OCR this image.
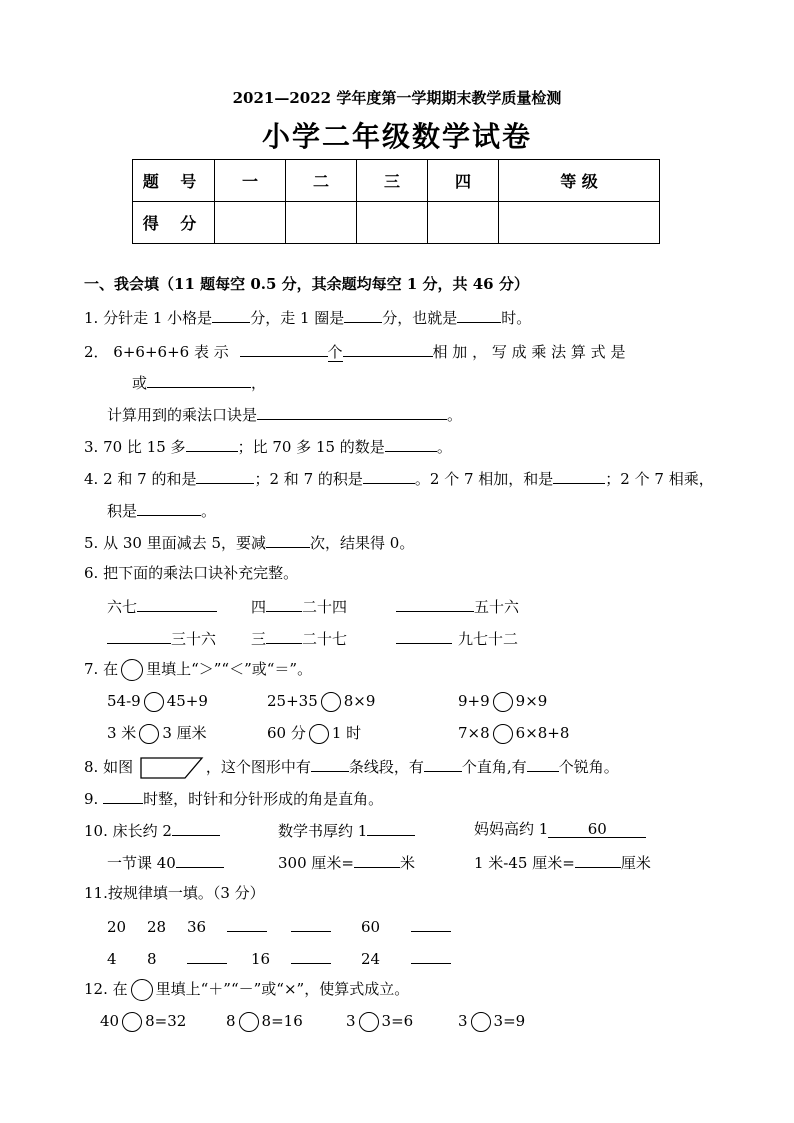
2021—2022 学年度第一学期期末教学质量检测
小学二年级数学试卷
题 号	一	二	三	四	等 级
得 分					
一、我会填（11 题每空 0.5 分，其余题均每空 1 分，共 46 分）
1. 分针走 1 小格是	分，走 1 圈是	分，也就是	时。
2． 6+6+6+6 表 示	个	相 加 ， 写 成 乘 法 算 式 是
或	，
计算用到的乘法口诀是	。
3. 70 比 15 多	；比 70 多 15 的数是	。
4. 2 和 7 的和是	；2 和 7 的积是	。2 个 7 相加，和是	；2 个 7 相乘，
积是	。
5. 从 30 里面减去 5，要减	次，结果得 0。
6. 把下面的乘法口诀补充完整。
六七	四 二十四	五十六
三十六 三 二十七	九七十二
7. 在 里填上“＞”“＜”或“＝”。
54-9 45+9	25+35 8×9	9+9 9×9
3 米 3 厘米	60 分 1 时	7×8 6×8+8
8. 如图	，这个图形中有	条线段，有	个直角,有 个锐角。
9.	时整，时针和分针形成的角是直角。
10. 床长约 2	数学书厚约 1	妈妈高约 1	60
一节课 40	300 厘米=	米	1 米-45 厘米=	厘米
11.按规律填一填。（3 分）
20 28 36	60
4 8	16	24
12. 在 里填上“＋”“－”或“×”，使算式成立。
40 8=32	8 8=16	3 3=6	3 3=9
